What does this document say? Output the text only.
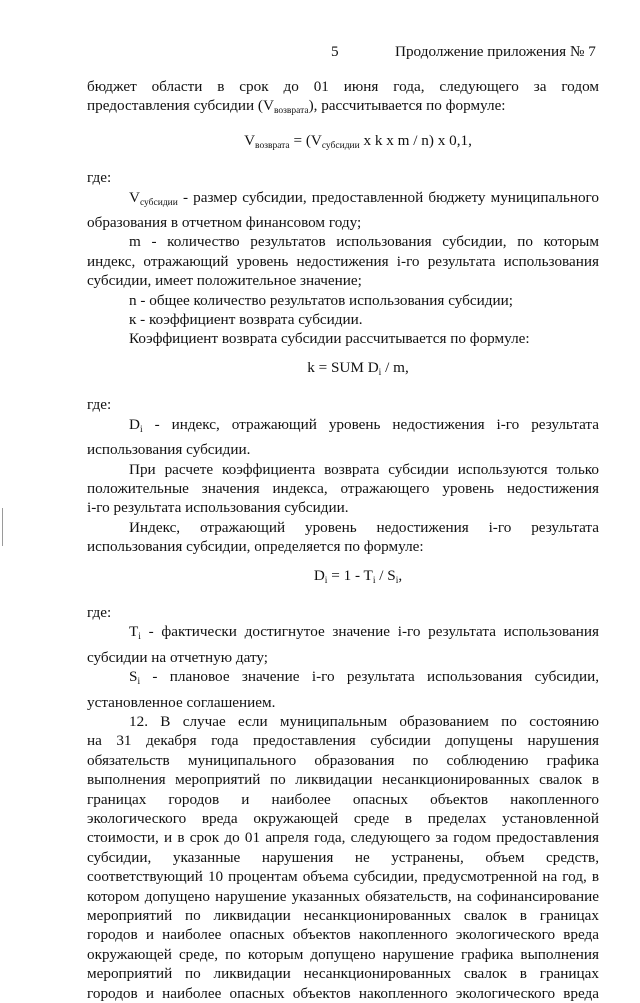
5	Продолжение приложения № 7
бюджет области в срок до 01 июня года, следующего за годом
предоставления субсидии $(V_{возврата})$, рассчитывается по формуле:
$V_{возврата} = (V_{субсидии}$ x k x m / n) x 0,1,
где:
$V_{субсидии}$ - размер субсидии, предоставленной бюджету муниципального
образования в отчетном финансовом году;
m - количество результатов использования субсидии, по которым
индекс, отражающий уровень недостижения i-го результата использования
субсидии, имеет положительное значение;
n - общее количество результатов использования субсидии;
к - коэффициент возврата субсидии.
Коэффициент возврата субсидии рассчитывается по формуле:
k = SUM $D_i$ / m,
где:
$D_i$ - индекс, отражающий уровень недостижения i-го результата
использования субсидии.
При расчете коэффициента возврата субсидии используются только
положительные значения индекса, отражающего уровень недостижения
i-го результата использования субсидии.
Индекс, отражающий уровень недостижения i-го результата
использования субсидии, определяется по формуле:
$D_i = 1 - T_i / S_i$,
где:
$T_i$ - фактически достигнутое значение i-го результата использования
субсидии на отчетную дату;
$S_i$ - плановое значение i-го результата использования субсидии,
установленное соглашением.
12. В случае если муниципальным образованием по состоянию
на 31 декабря года предоставления субсидии допущены нарушения
обязательств муниципального образования по соблюдению графика
выполнения мероприятий по ликвидации несанкционированных свалок в
границах городов и наиболее опасных объектов накопленного
экологического вреда окружающей среде в пределах установленной
стоимости, и в срок до 01 апреля года, следующего за годом предоставления
субсидии, указанные нарушения не устранены, объем средств,
соответствующий 10 процентам объема субсидии, предусмотренной на год, в
котором допущено нарушение указанных обязательств, на софинансирование
мероприятий по ликвидации несанкционированных свалок в границах
городов и наиболее опасных объектов накопленного экологического вреда
окружающей среде, по которым допущено нарушение графика выполнения
мероприятий по ликвидации несанкционированных свалок в границах
городов и наиболее опасных объектов накопленного экологического вреда
